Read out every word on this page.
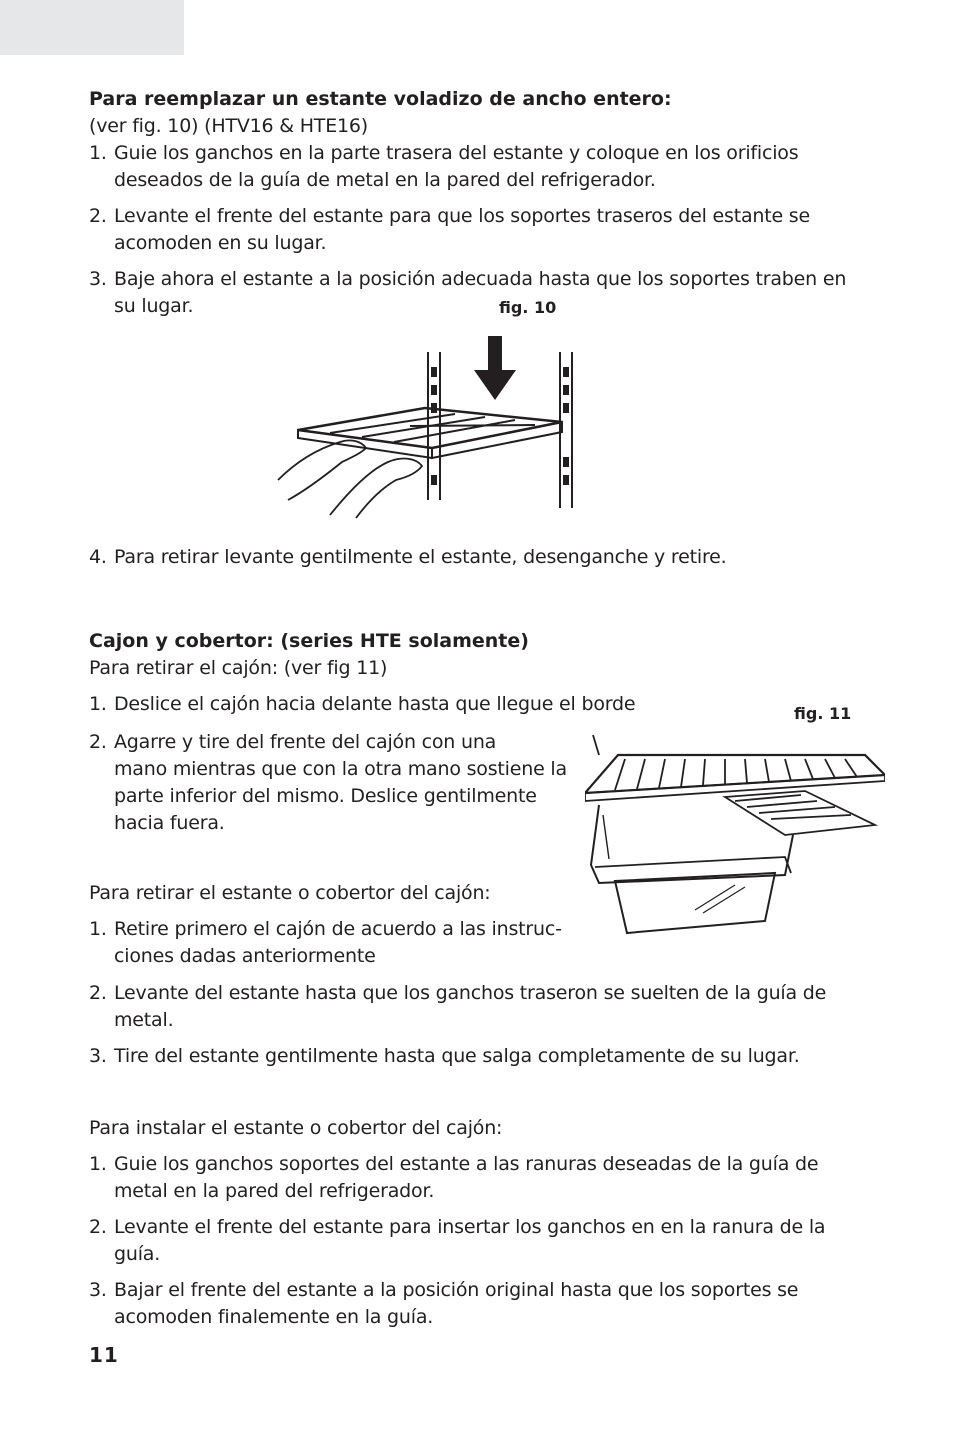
Para reemplazar un estante voladizo de ancho entero:
(ver fig. 10) (HTV16 & HTE16)
1. Guie los ganchos en la parte trasera del estante y coloque en los orificios
deseados de la guía de metal en la pared del refrigerador.
2. Levante el frente del estante para que los soportes traseros del estante se
acomoden en su lugar.
3. Baje ahora el estante a la posición adecuada hasta que los soportes traben en
su lugar.	fig. 10
4. Para retirar levante gentilmente el estante, desenganche y retire.
Cajon y cobertor: (series HTE solamente)
Para retirar el cajón: (ver fig 11)
1. Deslice el cajón hacia delante hasta que llegue el borde	fig. 11
2. Agarre y tire del frente del cajón con una
mano mientras que con la otra mano sostiene la
parte inferior del mismo. Deslice gentilmente
hacia fuera.
Para retirar el estante o cobertor del cajón:
1. Retire primero el cajón de acuerdo a las instruc-
ciones dadas anteriormente
2. Levante del estante hasta que los ganchos traseron se suelten de la guía de
metal.
3. Tire del estante gentilmente hasta que salga completamente de su lugar.
Para instalar el estante o cobertor del cajón:
1. Guie los ganchos soportes del estante a las ranuras deseadas de la guía de
metal en la pared del refrigerador.
2. Levante el frente del estante para insertar los ganchos en en la ranura de la
guía.
3. Bajar el frente del estante a la posición original hasta que los soportes se
acomoden finalemente en la guía.
11
